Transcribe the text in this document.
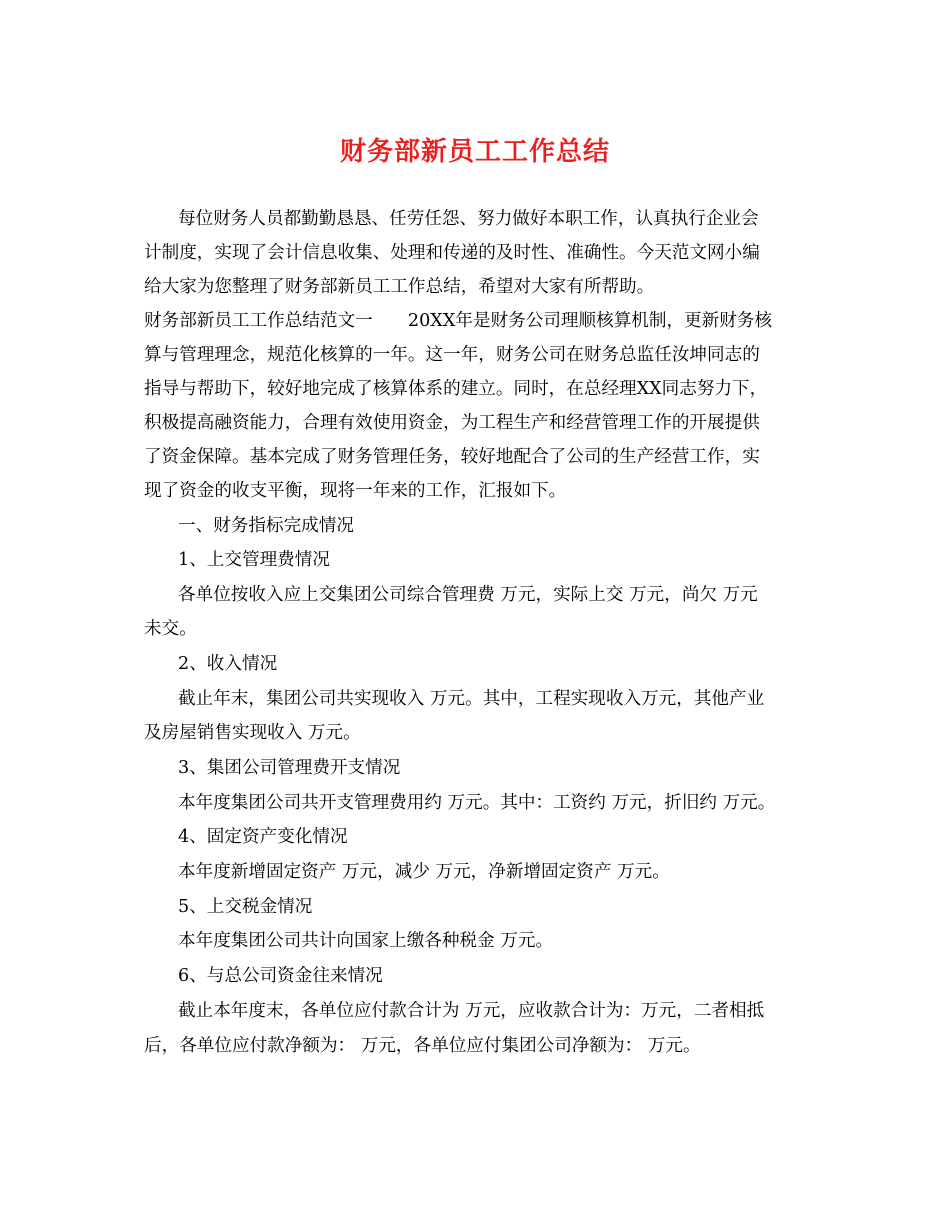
财务部新员工工作总结

每位财务人员都勤勤恳恳、任劳任怨、努力做好本职工作，认真执行企业会

计制度，实现了会计信息收集、处理和传递的及时性、准确性。今天范文网小编

给大家为您整理了财务部新员工工作总结，希望对大家有所帮助。

财务部新员工工作总结范文一　　20XX年是财务公司理顺核算机制，更新财务核

算与管理理念，规范化核算的一年。这一年，财务公司在财务总监任汝坤同志的

指导与帮助下，较好地完成了核算体系的建立。同时，在总经理XX同志努力下，

积极提高融资能力，合理有效使用资金，为工程生产和经营管理工作的开展提供

了资金保障。基本完成了财务管理任务，较好地配合了公司的生产经营工作，实

现了资金的收支平衡，现将一年来的工作，汇报如下。

一、财务指标完成情况

1、上交管理费情况

各单位按收入应上交集团公司综合管理费 万元，实际上交 万元，尚欠 万元

未交。

2、收入情况

截止年末，集团公司共实现收入 万元。其中，工程实现收入万元，其他产业

及房屋销售实现收入 万元。

3、集团公司管理费开支情况

本年度集团公司共开支管理费用约 万元。其中：工资约 万元，折旧约 万元。

4、固定资产变化情况

本年度新增固定资产 万元，减少 万元，净新增固定资产 万元。

5、上交税金情况

本年度集团公司共计向国家上缴各种税金 万元。

6、与总公司资金往来情况

截止本年度末，各单位应付款合计为 万元，应收款合计为：万元，二者相抵

后，各单位应付款净额为： 万元，各单位应付集团公司净额为： 万元。
